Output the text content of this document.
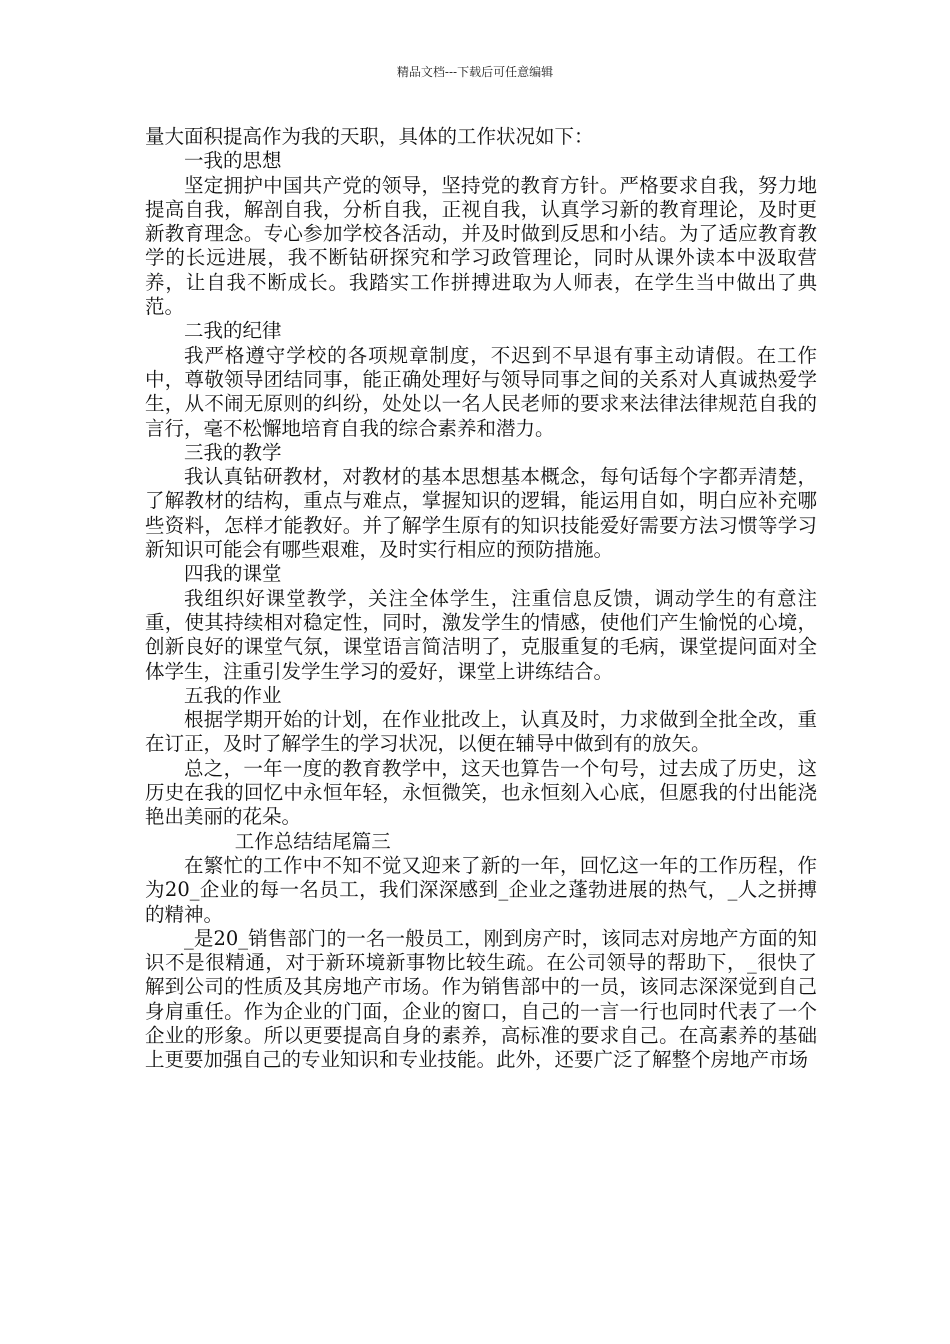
精品文档---下载后可任意编辑

量大面积提高作为我的天职，具体的工作状况如下：

一我的思想

坚定拥护中国共产党的领导，坚持党的教育方针。严格要求自我，努力地提高自我，解剖自我，分析自我，正视自我，认真学习新的教育理论，及时更新教育理念。专心参加学校各活动，并及时做到反思和小结。为了适应教育教学的长远进展，我不断钻研探究和学习政管理论，同时从课外读本中汲取营养，让自我不断成长。我踏实工作拼搏进取为人师表，在学生当中做出了典范。

二我的纪律

我严格遵守学校的各项规章制度，不迟到不早退有事主动请假。在工作中，尊敬领导团结同事，能正确处理好与领导同事之间的关系对人真诚热爱学生，从不闹无原则的纠纷，处处以一名人民老师的要求来法律法律规范自我的言行，毫不松懈地培育自我的综合素养和潜力。

三我的教学

我认真钻研教材，对教材的基本思想基本概念，每句话每个字都弄清楚，了解教材的结构，重点与难点，掌握知识的逻辑，能运用自如，明白应补充哪些资料，怎样才能教好。并了解学生原有的知识技能爱好需要方法习惯等学习新知识可能会有哪些艰难，及时实行相应的预防措施。

四我的课堂

我组织好课堂教学，关注全体学生，注重信息反馈，调动学生的有意注重，使其持续相对稳定性，同时，激发学生的情感，使他们产生愉悦的心境，创新良好的课堂气氛，课堂语言简洁明了，克服重复的毛病，课堂提问面对全体学生，注重引发学生学习的爱好，课堂上讲练结合。

五我的作业

根据学期开始的计划，在作业批改上，认真及时，力求做到全批全改，重在订正，及时了解学生的学习状况，以便在辅导中做到有的放矢。

总之，一年一度的教育教学中，这天也算告一个句号，过去成了历史，这历史在我的回忆中永恒年轻，永恒微笑，也永恒刻入心底，但愿我的付出能浇艳出美丽的花朵。

工作总结结尾篇三

在繁忙的工作中不知不觉又迎来了新的一年，回忆这一年的工作历程，作为20_企业的每一名员工，我们深深感到_企业之蓬勃进展的热气，_人之拼搏的精神。

_是20_销售部门的一名一般员工，刚到房产时，该同志对房地产方面的知识不是很精通，对于新环境新事物比较生疏。在公司领导的帮助下，_很快了解到公司的性质及其房地产市场。作为销售部中的一员，该同志深深觉到自己身肩重任。作为企业的门面，企业的窗口，自己的一言一行也同时代表了一个企业的形象。所以更要提高自身的素养，高标准的要求自己。在高素养的基础上更要加强自己的专业知识和专业技能。此外，还要广泛了解整个房地产市场
